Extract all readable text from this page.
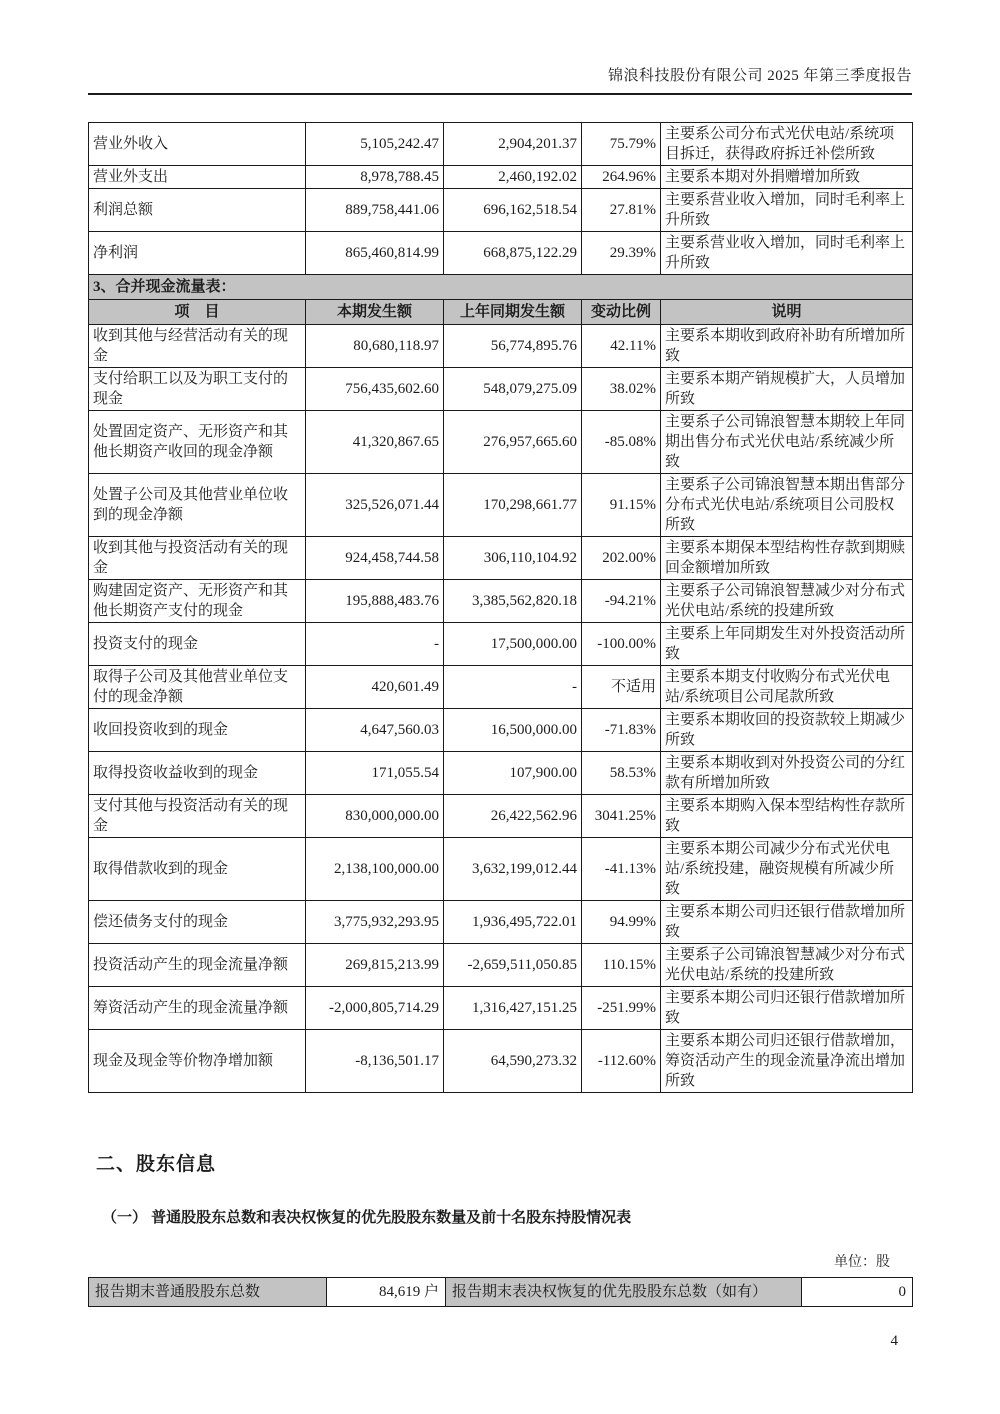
锦浪科技股份有限公司 2025 年第三季度报告
营业外收入	5,105,242.47	2,904,201.37	75.79%	主要系公司分布式光伏电站/系统项目拆迁，获得政府拆迁补偿所致
营业外支出	8,978,788.45	2,460,192.02	264.96%	主要系本期对外捐赠增加所致
利润总额	889,758,441.06	696,162,518.54	27.81%	主要系营业收入增加，同时毛利率上升所致
净利润	865,460,814.99	668,875,122.29	29.39%	主要系营业收入增加，同时毛利率上升所致
3、合并现金流量表：				
项　目	本期发生额	上年同期发生额	变动比例	说明
收到其他与经营活动有关的现金	80,680,118.97	56,774,895.76	42.11%	主要系本期收到政府补助有所增加所致
支付给职工以及为职工支付的现金	756,435,602.60	548,079,275.09	38.02%	主要系本期产销规模扩大，人员增加所致
处置固定资产、无形资产和其他长期资产收回的现金净额	41,320,867.65	276,957,665.60	-85.08%	主要系子公司锦浪智慧本期较上年同期出售分布式光伏电站/系统减少所致
处置子公司及其他营业单位收到的现金净额	325,526,071.44	170,298,661.77	91.15%	主要系子公司锦浪智慧本期出售部分分布式光伏电站/系统项目公司股权所致
收到其他与投资活动有关的现金	924,458,744.58	306,110,104.92	202.00%	主要系本期保本型结构性存款到期赎回金额增加所致
购建固定资产、无形资产和其他长期资产支付的现金	195,888,483.76	3,385,562,820.18	-94.21%	主要系子公司锦浪智慧减少对分布式光伏电站/系统的投建所致
投资支付的现金	-	17,500,000.00	-100.00%	主要系上年同期发生对外投资活动所致
取得子公司及其他营业单位支付的现金净额	420,601.49	-	不适用	主要系本期支付收购分布式光伏电站/系统项目公司尾款所致
收回投资收到的现金	4,647,560.03	16,500,000.00	-71.83%	主要系本期收回的投资款较上期减少所致
取得投资收益收到的现金	171,055.54	107,900.00	58.53%	主要系本期收到对外投资公司的分红款有所增加所致
支付其他与投资活动有关的现金	830,000,000.00	26,422,562.96	3041.25%	主要系本期购入保本型结构性存款所致
取得借款收到的现金	2,138,100,000.00	3,632,199,012.44	-41.13%	主要系本期公司减少分布式光伏电站/系统投建，融资规模有所减少所致
偿还债务支付的现金	3,775,932,293.95	1,936,495,722.01	94.99%	主要系本期公司归还银行借款增加所致
投资活动产生的现金流量净额	269,815,213.99	-2,659,511,050.85	110.15%	主要系子公司锦浪智慧减少对分布式光伏电站/系统的投建所致
筹资活动产生的现金流量净额	-2,000,805,714.29	1,316,427,151.25	-251.99%	主要系本期公司归还银行借款增加所致
现金及现金等价物净增加额	-8,136,501.17	64,590,273.32	-112.60%	主要系本期公司归还银行借款增加，筹资活动产生的现金流量净流出增加所致
二、股东信息
（一） 普通股股东总数和表决权恢复的优先股股东数量及前十名股东持股情况表
单位：股
报告期末普通股股东总数	84,619 户	报告期末表决权恢复的优先股股东总数（如有）	0
4
